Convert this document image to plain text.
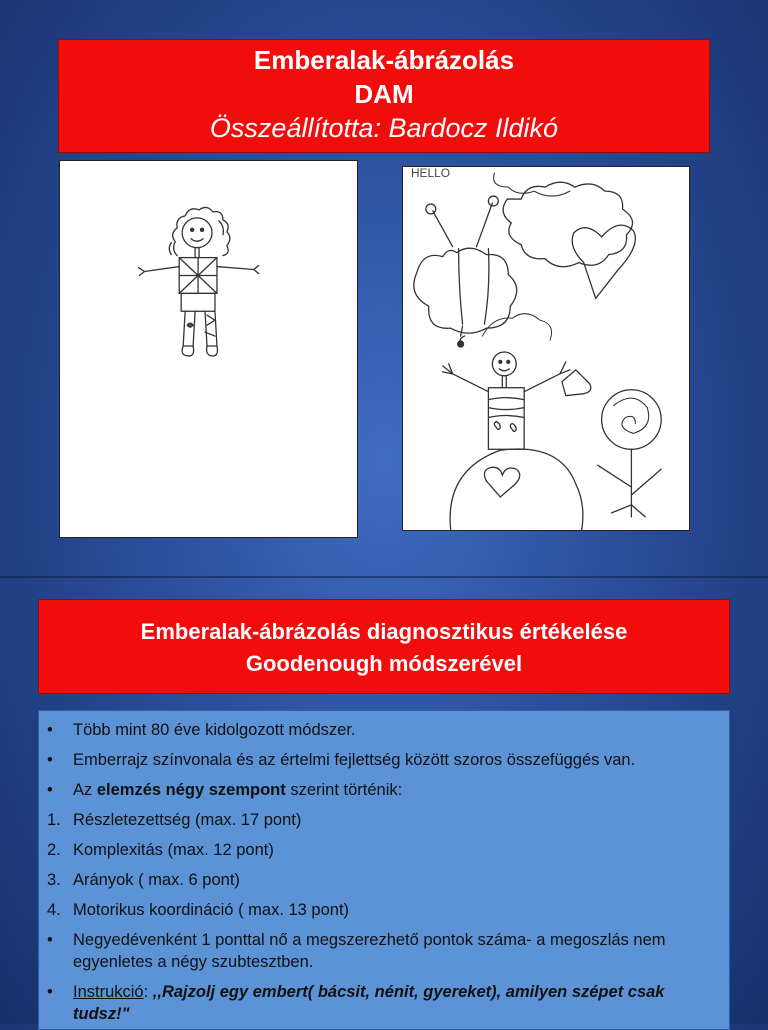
Emberalak-ábrázolás
DAM
Összeállította: Bardocz Ildikó
HELLO
Emberalak-ábrázolás diagnosztikus értékelése
Goodenough módszerével
•	Több mint 80 éve kidolgozott módszer.
•	Emberrajz színvonala és az értelmi fejlettség között szoros összefüggés van.
•	Az elemzés négy szempont szerint történik:
1. Részletezettség (max. 17 pont)
2. Komplexitás (max. 12 pont)
3. Arányok ( max. 6 pont)
4. Motorikus koordináció ( max. 13 pont)
•	Negyedévenként 1 ponttal nő a megszerezhető pontok száma- a megoszlás nem egyenletes a négy szubtesztben.
•	Instrukció: ,,Rajzolj egy embert( bácsit, nénit, gyereket), amilyen szépet csak tudsz!"
